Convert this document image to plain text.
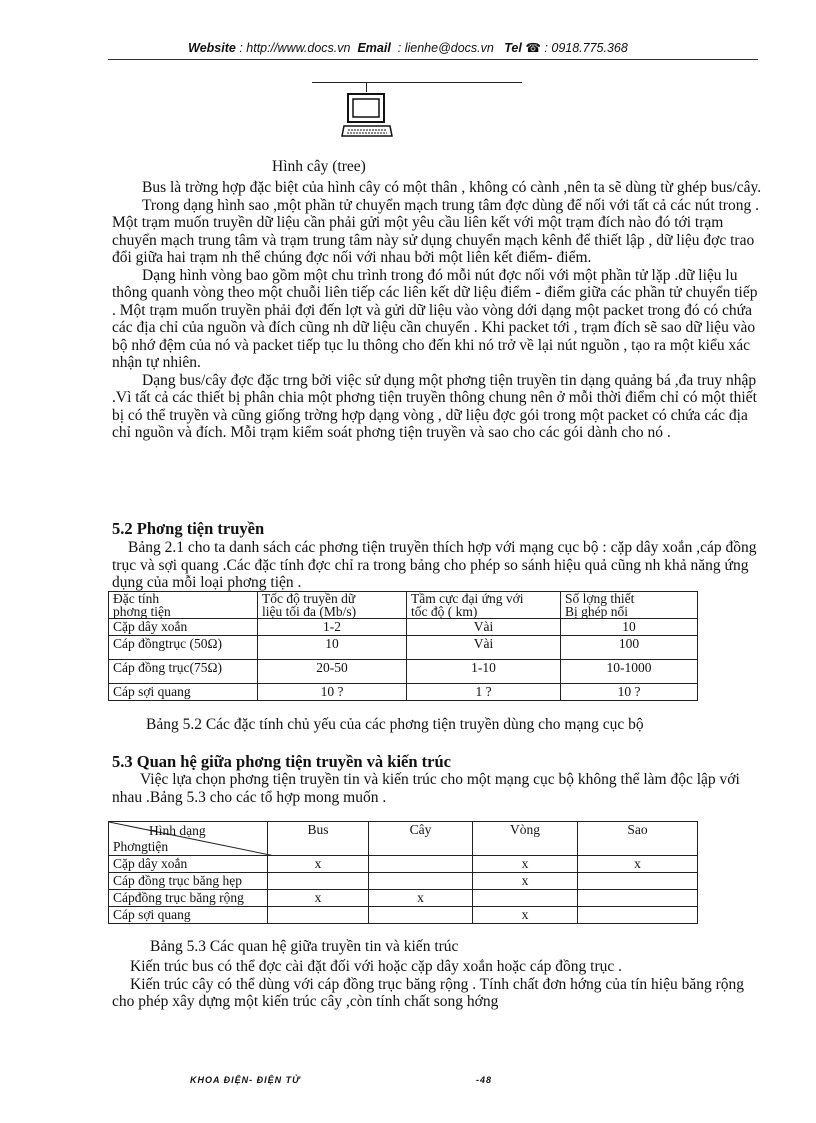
Website : http://www.docs.vn Email : lienhe@docs.vn Tel ☎ : 0918.775.368
Hình cây (tree)

Bus là trờng hợp đặc biệt của hình cây có một thân , không có cành ,nên ta sẽ dùng từ ghép bus/cây.

Trong dạng hình sao ,một phần tử chuyển mạch trung tâm đợc dùng để nối với tất cả các nút trong . Một trạm muốn truyền dữ liệu cần phải gửi một yêu cầu liên kết với một trạm đích nào đó tới trạm chuyển mạch trung tâm và trạm trung tâm này sử dụng chuyển mạch kênh để thiết lập , dữ liệu đợc trao đổi giữa hai trạm nh thể chúng đợc nối với nhau bởi một liên kết điểm- điểm.

Dạng hình vòng bao gồm một chu trình trong đó mỗi nút đợc nối với một phần tử lặp .dữ liệu lu thông quanh vòng theo một chuỗi liên tiếp các liên kết dữ liệu điểm - điểm giữa các phần tử chuyển tiếp . Một trạm muốn truyền phải đợi đến lợt và gửi dữ liệu vào vòng dới dạng một packet trong đó có chứa các địa chỉ của nguồn và đích cũng nh dữ liệu cần chuyển . Khi packet tới , trạm đích sẽ sao dữ liệu vào bộ nhớ đệm của nó và packet tiếp tục lu thông cho đến khi nó trở về lại nút nguồn , tạo ra một kiểu xác nhận tự nhiên.

Dạng bus/cây đợc đặc trng bởi việc sử dụng một phơng tiện truyền tin dạng quảng bá ,đa truy nhập .Vì tất cả các thiết bị phân chia một phơng tiện truyền thông chung nên ở mỗi thời điểm chỉ có một thiết bị có thể truyền và cũng giống trờng hợp dạng vòng , dữ liệu đợc gói trong một packet có chứa các địa chỉ nguồn và đích. Mỗi trạm kiểm soát phơng tiện truyền và sao cho các gói dành cho nó .

5.2 Phơng tiện truyền

Bảng 2.1 cho ta danh sách các phơng tiện truyền thích hợp với mạng cục bộ : cặp dây xoắn ,cáp đồng trục và sợi quang .Các đặc tính đợc chỉ ra trong bảng cho phép so sánh hiệu quả cũng nh khả năng ứng dụng của mỗi loại phơng tiện .

Đặc tính
phơng tiện	Tốc độ truyền dữ
liệu tối đa (Mb/s)	Tầm cực đại ứng với
tốc độ ( km)	Số lợng thiết
Bị ghép nối
Cặp dây xoắn	1-2	Vài	10
Cáp đồngtrục (50Ω)	10	Vài	100
Cáp đồng trục(75Ω)	20-50	1-10	10-1000
Cáp sợi quang	10 ?	1 ?	10 ?

Bảng 5.2 Các đặc tính chủ yếu của các phơng tiện truyền dùng cho mạng cục bộ

5.3 Quan hệ giữa phơng tiện truyền và kiến trúc

Việc lựa chọn phơng tiện truyền tin và kiến trúc cho một mạng cục bộ không thể làm độc lập với nhau .Bảng 5.3 cho các tổ hợp mong muốn .

Hình dạng
Phơngtiện	Bus	Cây	Vòng	Sao
Cặp dây xoắn	x		x	x
Cáp đồng trục băng hẹp			x	
Cápđồng trục băng rộng	x	x		
Cáp sợi quang			x	
Bảng 5.3 Các quan hệ giữa truyền tin và kiến trúc

Kiến trúc bus có thể đợc cài đặt đối với hoặc cặp dây xoắn hoặc cáp đồng trục .

Kiến trúc cây có thể dùng với cáp đồng trục băng rộng . Tính chất đơn hớng của tín hiệu băng rộng cho phép xây dựng một kiến trúc cây ,còn tính chất song hớng

KHOA ĐIỆN- ĐIỆN TỬ	-48
